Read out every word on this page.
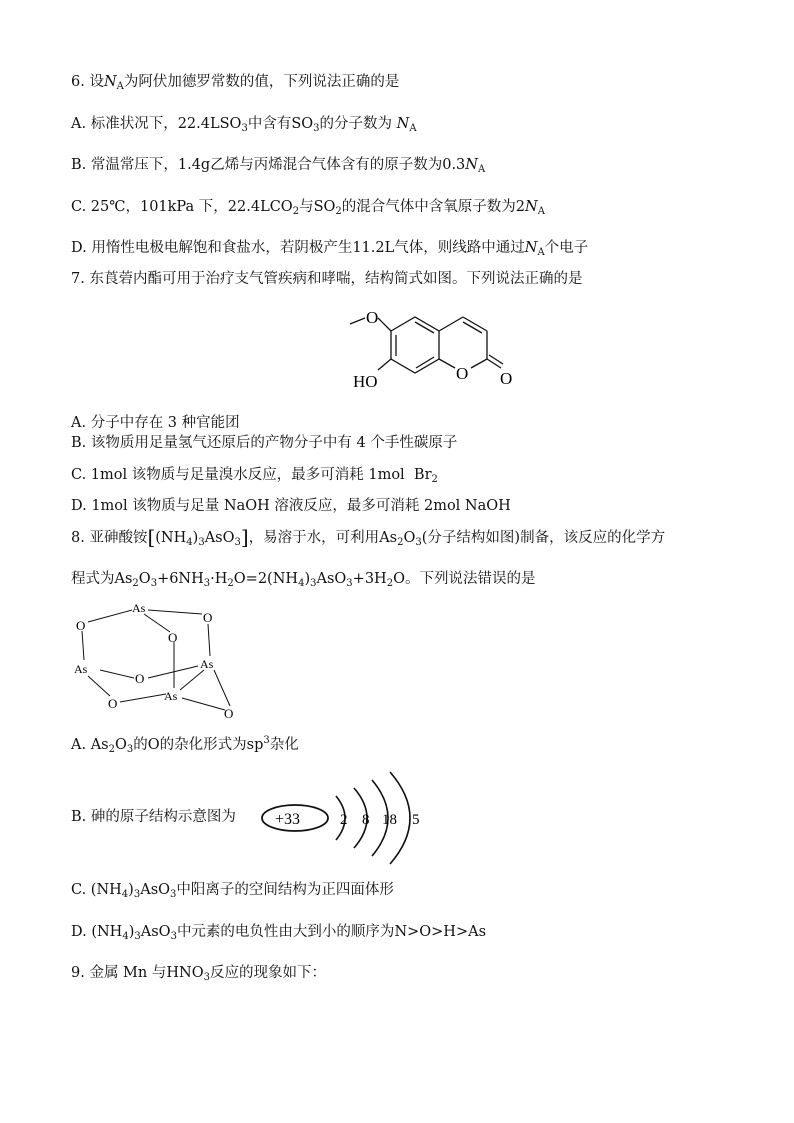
6. 设$N_A$为阿伏加德罗常数的值，下列说法正确的是
A. 标准状况下，$22.4LSO_3$中含有$SO_3$的分子数为 $N_A$
B. 常温常压下，1.4g乙烯与丙烯混合气体含有的原子数为$0.3N_A$
C. 25℃，101kPa 下，$22.4LCO_2$与$SO_2$的混合气体中含氧原子数为$2N_A$
D. 用惰性电极电解饱和食盐水，若阴极产生11.2L气体，则线路中通过$N_A$个电子
7. 东莨菪内酯可用于治疗支气管疾病和哮喘，结构简式如图。下列说法正确的是
O
HO	O O
A. 分子中存在 3 种官能团
B. 该物质用足量氢气还原后的产物分子中有 4 个手性碳原子
C. 1mol 该物质与足量溴水反应，最多可消耗 1mol $Br_2$
D. 1mol 该物质与足量 NaOH 溶液反应，最多可消耗 2mol NaOH
8. 亚砷酸铵$[(NH_4)_3AsO_3]$，易溶于水，可利用$As_2O_3$(分子结构如图)制备，该反应的化学方
程式为$As_2O_3+6NH_3\cdot H_2O=2(NH_4)_3AsO_3+3H_2O$。下列说法错误的是
As
O
O
O
As	As
O
As
O
O
A. $As_2O_3$的O的杂化形式为$sp^3$杂化
B. 砷的原子结构示意图为 +33	2 8 18 5
C. $(NH_4)_3AsO_3$中阳离子的空间结构为正四面体形
D. $(NH_4)_3AsO_3$中元素的电负性由大到小的顺序为N>O>H>As
9. 金属 Mn 与$HNO_3$反应的现象如下：
